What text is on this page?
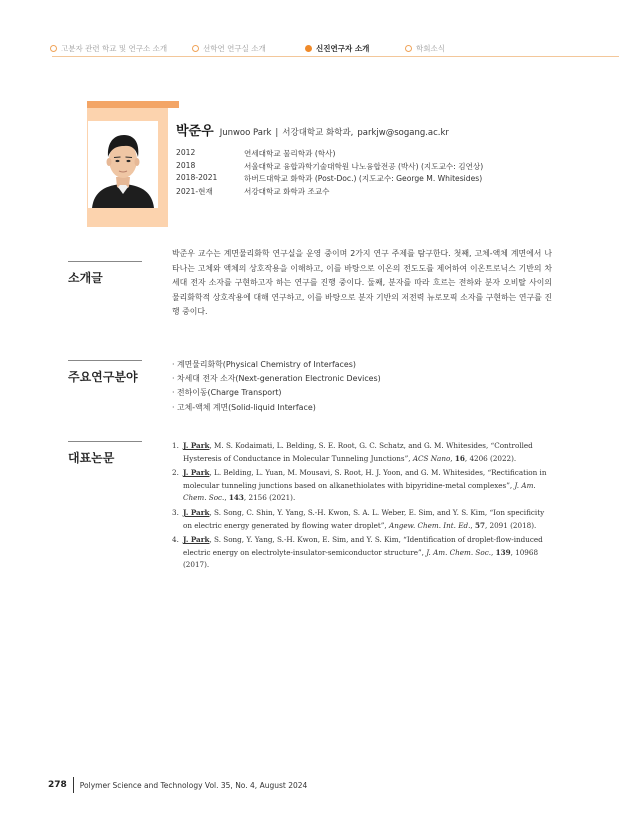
고분자 관련 학교 및 연구소 소개	선학연 연구실 소개	신진연구자 소개	학회소식
박준우 Junwoo Park | 서강대학교 화학과, parkjw@sogang.ac.kr
2012	연세대학교 물리학과 (학사)
2018	서울대학교 융합과학기술대학원 나노융합전공 (박사) (지도교수: 김연상)
2018-2021	하버드대학교 화학과 (Post-Doc.) (지도교수: George M. Whitesides)
2021-현재	서강대학교 화학과 조교수
소개글
박준우 교수는 계면물리화학 연구실을 운영 중이며 2가지 연구 주제를 탐구한다. 첫째, 고체-액체 계면에서 나타나는 고체와 액체의 상호작용을 이해하고, 이를 바탕으로 이온의 전도도를 제어하여 이온트로닉스 기반의 차세대 전자 소자를 구현하고자 하는 연구를 진행 중이다. 둘째, 분자를 따라 흐르는 전하와 분자 오비탈 사이의 물리화학적 상호작용에 대해 연구하고, 이를 바탕으로 분자 기반의 저전력 뉴로모픽 소자를 구현하는 연구를 진행 중이다.
주요연구분야
· 계면물리화학(Physical Chemistry of Interfaces)
· 차세대 전자 소자(Next-generation Electronic Devices)
· 전하이동(Charge Transport)
· 고체-액체 계면(Solid-liquid Interface)
대표논문
1. J. Park, M. S. Kodaimati, L. Belding, S. E. Root, G. C. Schatz, and G. M. Whitesides, “Controlled Hysteresis of Conductance in Molecular Tunneling Junctions”, ACS Nano, 16, 4206 (2022).
2. J. Park, L. Belding, L. Yuan, M. Mousavi, S. Root, H. J. Yoon, and G. M. Whitesides, “Rectification in molecular tunneling junctions based on alkanethiolates with bipyridine-metal complexes”, J. Am. Chem. Soc., 143, 2156 (2021).
3. J. Park, S. Song, C. Shin, Y. Yang, S.-H. Kwon, S. A. L. Weber, E. Sim, and Y. S. Kim, “Ion specificity on electric energy generated by flowing water droplet”, Angew. Chem. Int. Ed., 57, 2091 (2018).
4. J. Park, S. Song, Y. Yang, S.-H. Kwon, E. Sim, and Y. S. Kim, “Identification of droplet-flow-induced electric energy on electrolyte-insulator-semiconductor structure”, J. Am. Chem. Soc., 139, 10968 (2017).
278 Polymer Science and Technology Vol. 35, No. 4, August 2024
